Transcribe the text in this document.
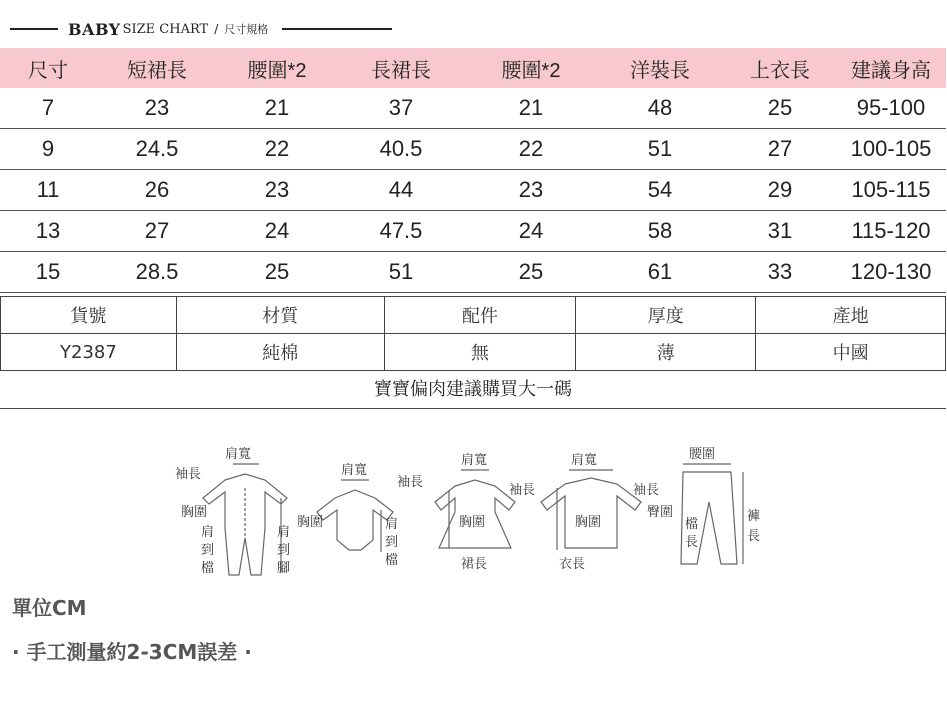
BABY SIZE CHART / 尺寸規格
尺寸	短裙長	腰圍*2	長裙長	腰圍*2	洋裝長	上衣長	建議身高
7	23	21	37	21	48	25	95-100
9	24.5	22	40.5	22	51	27	100-105
11	26	23	44	23	54	29	105-115
13	27	24	47.5	24	58	31	115-120
15	28.5	25	51	25	61	33	120-130
貨號	材質	配件	厚度	產地
Y2387	純棉	無	薄	中國
寶寶偏肉建議購買大一碼
肩寬
袖長
胸圍
肩
到
檔
肩
到
腳
肩寬
袖長
胸圍	肩
到
檔
肩寬
袖長
胸圍
裙長
肩寬
袖長
胸圍
衣長
腰圍
臀圍
檔
長
褲
長
單位CM
· 手工測量約2-3CM誤差 ·
